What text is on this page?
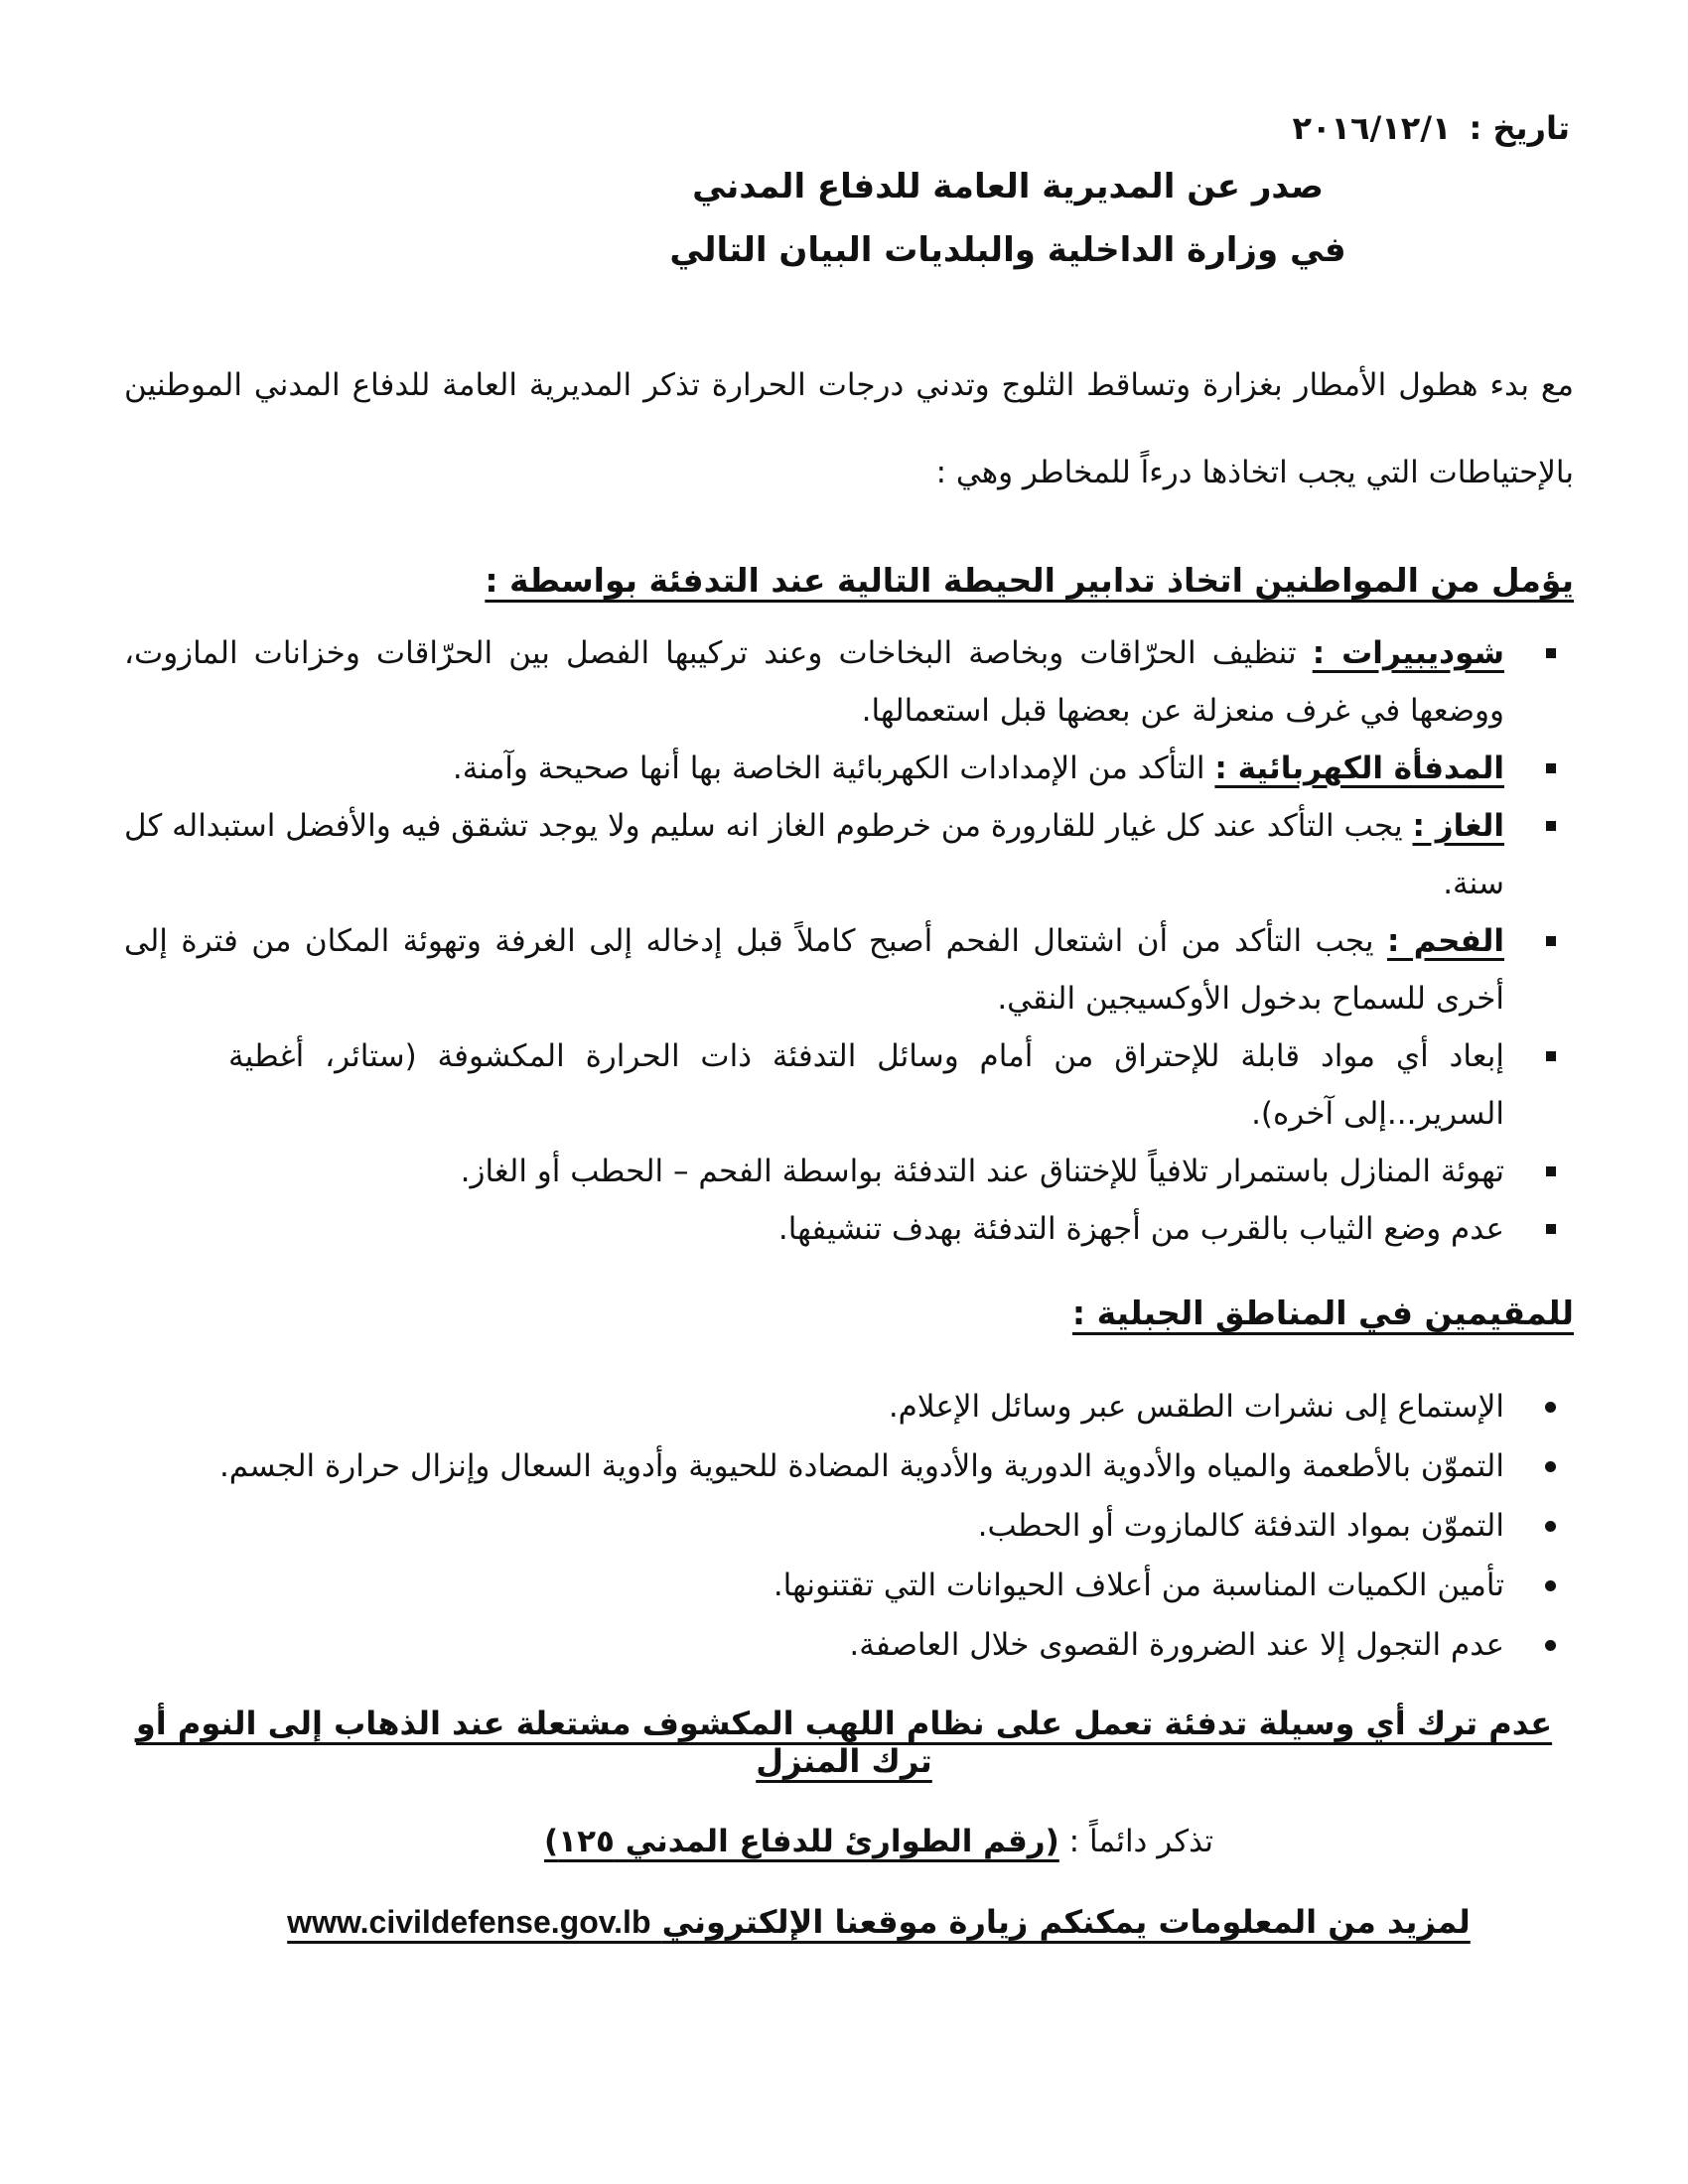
تاريخ :٢٠١٦/١٢/١
صدر عن المديرية العامة للدفاع المدني
في وزارة الداخلية والبلديات البيان التالي

مع بدء هطول الأمطار بغزارة وتساقط الثلوج وتدني درجات الحرارة تذكر المديرية العامة للدفاع المدني الموطنين بالإحتياطات التي يجب اتخاذها درءاً للمخاطر وهي :

يؤمل من المواطنين اتخاذ تدابير الحيطة التالية عند التدفئة بواسطة :
شوديبيرات : تنظيف الحرّاقات وبخاصة البخاخات وعند تركيبها الفصل بين الحرّاقات وخزانات المازوت، ووضعها في غرف منعزلة عن بعضها قبل استعمالها.
المدفأة الكهربائية : التأكد من الإمدادات الكهربائية الخاصة بها أنها صحيحة وآمنة.
الغاز : يجب التأكد عند كل غيار للقارورة من خرطوم الغاز انه سليم ولا يوجد تشقق فيه والأفضل استبداله كل سنة.
الفحم : يجب التأكد من أن اشتعال الفحم أصبح كاملاً قبل إدخاله إلى الغرفة وتهوئة المكان من فترة إلى أخرى للسماح بدخول الأوكسيجين النقي.
إبعاد أي مواد قابلة للإحتراق من أمام وسائل التدفئة ذات الحرارة المكشوفة (ستائر، أغطية السرير...إلى آخره).
تهوئة المنازل باستمرار تلافياً للإختناق عند التدفئة بواسطة الفحم – الحطب أو الغاز.
عدم وضع الثياب بالقرب من أجهزة التدفئة بهدف تنشيفها.
للمقيمين في المناطق الجبلية :
الإستماع إلى نشرات الطقس عبر وسائل الإعلام.
التموّن بالأطعمة والمياه والأدوية الدورية والأدوية المضادة للحيوية وأدوية السعال وإنزال حرارة الجسم.
التموّن بمواد التدفئة كالمازوت أو الحطب.
تأمين الكميات المناسبة من أعلاف الحيوانات التي تقتنونها.
عدم التجول إلا عند الضرورة القصوى خلال العاصفة.
عدم ترك أي وسيلة تدفئة تعمل على نظام اللهب المكشوف مشتعلة عند الذهاب إلى النوم أو ترك المنزل
تذكر دائماً : (رقم الطوارئ للدفاع المدني ١٢٥)
لمزيد من المعلومات يمكنكم زيارة موقعنا الإلكتروني www.civildefense.gov.lb
